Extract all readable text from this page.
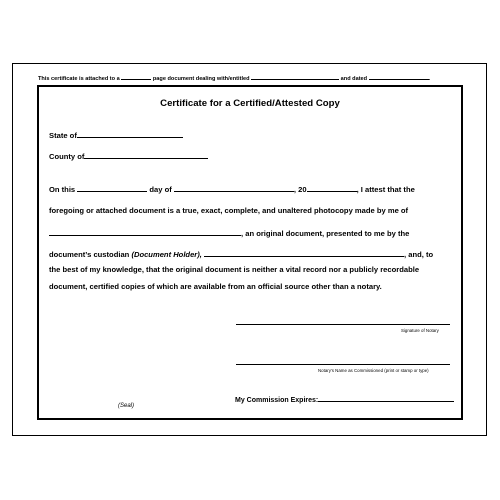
This certificate is attached to a	page document dealing with/entitled	and dated	.
Certificate for a Certified/Attested Copy
State of
County of
On this	day of	, 20	, I attest that the
foregoing or attached document is a true, exact, complete, and unaltered photocopy made by me of
, an original document, presented to me by the
document’s custodian (Document Holder),	, and, to
the best of my knowledge, that the original document is neither a vital record nor a publicly recordable
document, certified copies of which are available from an official source other than a notary.
Signature of Notary
Notary's Name as Commissioned (print or stamp or type)
My Commission Expires:
(Seal)
